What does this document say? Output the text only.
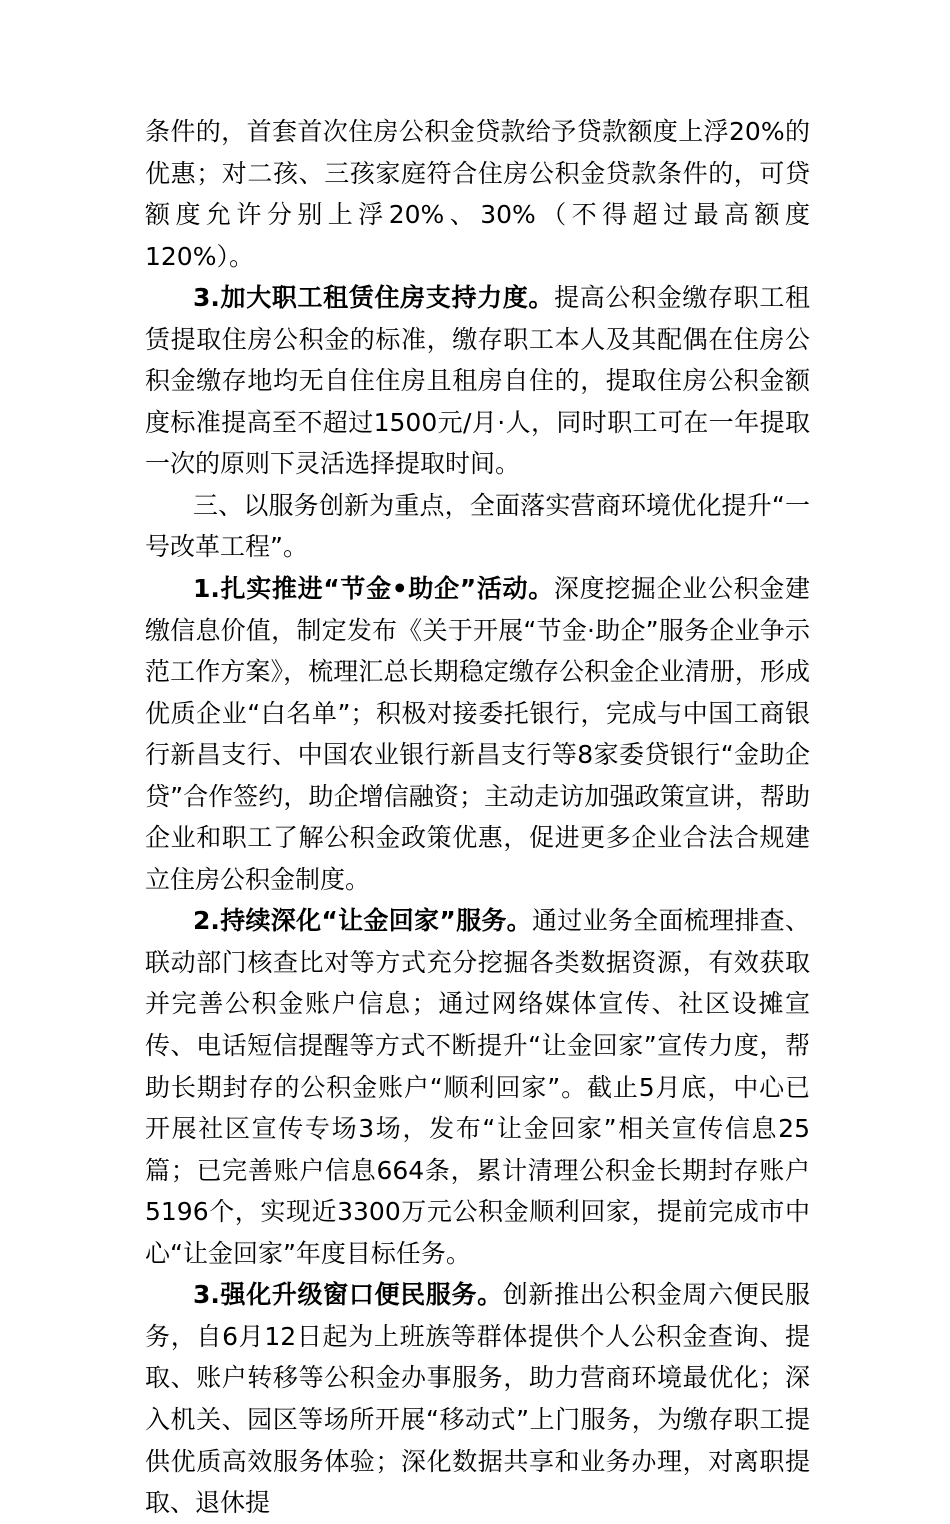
条件的，首套首次住房公积金贷款给予贷款额度上浮20%的优惠；对二孩、三孩家庭符合住房公积金贷款条件的，可贷额度允许分别上浮20%、30%（不得超过最高额度120%）。

3.加大职工租赁住房支持力度。提高公积金缴存职工租赁提取住房公积金的标准，缴存职工本人及其配偶在住房公积金缴存地均无自住住房且租房自住的，提取住房公积金额度标准提高至不超过1500元/月·人，同时职工可在一年提取一次的原则下灵活选择提取时间。

三、以服务创新为重点，全面落实营商环境优化提升“一号改革工程”。

1.扎实推进“节金•助企”活动。深度挖掘企业公积金建缴信息价值，制定发布《关于开展“节金·助企”服务企业争示范工作方案》，梳理汇总长期稳定缴存公积金企业清册，形成优质企业“白名单”；积极对接委托银行，完成与中国工商银行新昌支行、中国农业银行新昌支行等8家委贷银行“金助企贷”合作签约，助企增信融资；主动走访加强政策宣讲，帮助企业和职工了解公积金政策优惠，促进更多企业合法合规建立住房公积金制度。

2.持续深化“让金回家”服务。通过业务全面梳理排查、联动部门核查比对等方式充分挖掘各类数据资源，有效获取并完善公积金账户信息；通过网络媒体宣传、社区设摊宣传、电话短信提醒等方式不断提升“让金回家”宣传力度，帮助长期封存的公积金账户“顺利回家”。截止5月底，中心已开展社区宣传专场3场，发布“让金回家”相关宣传信息25篇；已完善账户信息664条，累计清理公积金长期封存账户5196个，实现近3300万元公积金顺利回家，提前完成市中心“让金回家”年度目标任务。

3.强化升级窗口便民服务。创新推出公积金周六便民服务，自6月12日起为上班族等群体提供个人公积金查询、提取、账户转移等公积金办事服务，助力营商环境最优化；深入机关、园区等场所开展“移动式”上门服务，为缴存职工提供优质高效服务体验；深化数据共享和业务办理，对离职提取、退休提
